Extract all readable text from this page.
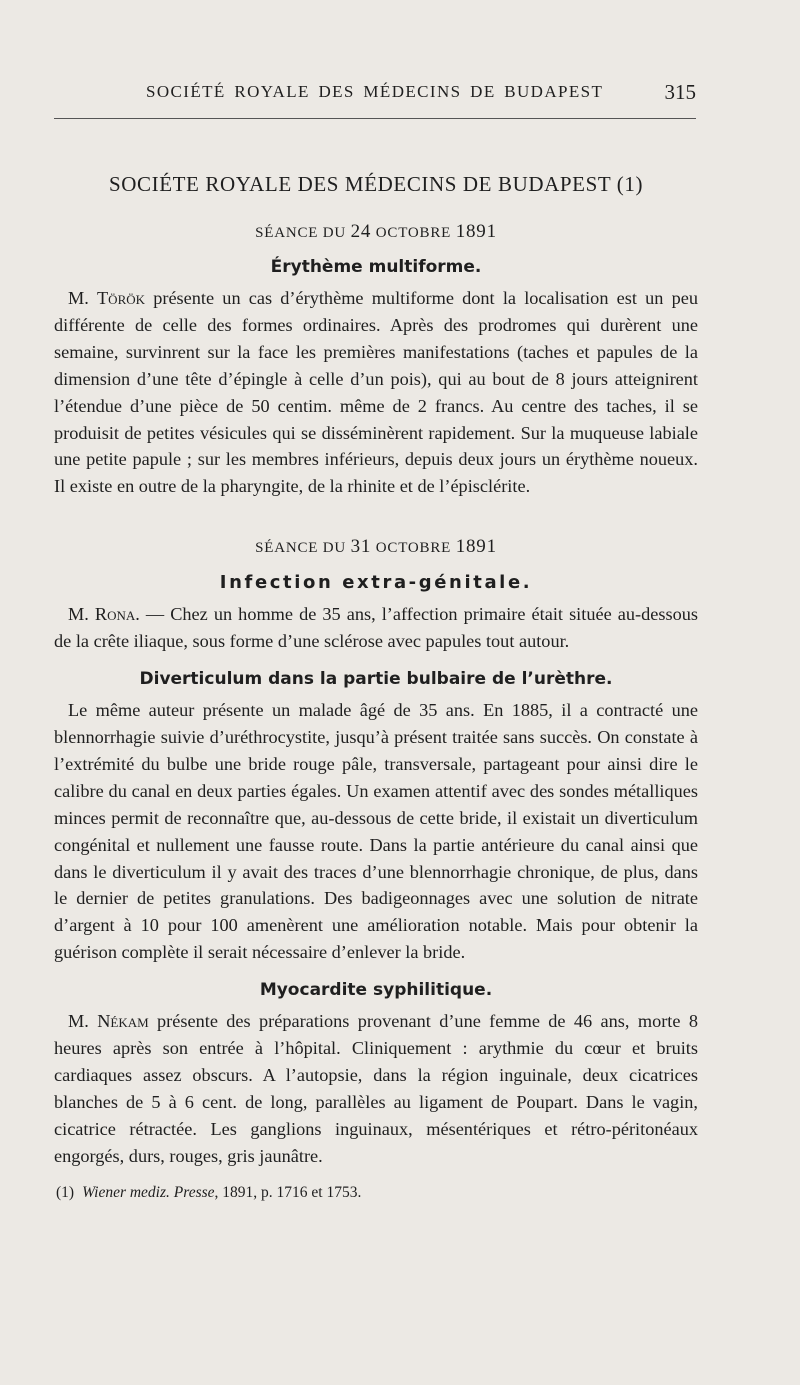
SOCIÉTÉ ROYALE DES MÉDECINS DE BUDAPEST	315
SOCIÉTE ROYALE DES MÉDECINS DE BUDAPEST (1)
SÉANCE DU 24 OCTOBRE 1891
Érythème multiforme.

M. Török présente un cas d’érythème multiforme dont la localisation est un peu différente de celle des formes ordinaires. Après des prodromes qui durèrent une semaine, survinrent sur la face les premières manifestations (taches et papules de la dimension d’une tête d’épingle à celle d’un pois), qui au bout de 8 jours atteignirent l’étendue d’une pièce de 50 centim. même de 2 francs. Au centre des taches, il se produisit de petites vésicules qui se disséminèrent rapidement. Sur la muqueuse labiale une petite papule ; sur les membres inférieurs, depuis deux jours un érythème noueux. Il existe en outre de la pharyngite, de la rhinite et de l’épisclérite.

SÉANCE DU 31 OCTOBRE 1891
Infection extra-génitale.

M. Rona. — Chez un homme de 35 ans, l’affection primaire était située au-dessous de la crête iliaque, sous forme d’une sclérose avec papules tout autour.

Diverticulum dans la partie bulbaire de l’urèthre.

Le même auteur présente un malade âgé de 35 ans. En 1885, il a contracté une blennorrhagie suivie d’uréthrocystite, jusqu’à présent traitée sans succès. On constate à l’extrémité du bulbe une bride rouge pâle, transversale, partageant pour ainsi dire le calibre du canal en deux parties égales. Un examen attentif avec des sondes métalliques minces permit de reconnaître que, au-dessous de cette bride, il existait un diverticulum congénital et nullement une fausse route. Dans la partie antérieure du canal ainsi que dans le diverticulum il y avait des traces d’une blennorrhagie chronique, de plus, dans le dernier de petites granulations. Des badigeonnages avec une solution de nitrate d’argent à 10 pour 100 amenèrent une amélioration notable. Mais pour obtenir la guérison complète il serait nécessaire d’enlever la bride.

Myocardite syphilitique.

M. Nékam présente des préparations provenant d’une femme de 46 ans, morte 8 heures après son entrée à l’hôpital. Cliniquement : arythmie du cœur et bruits cardiaques assez obscurs. A l’autopsie, dans la région inguinale, deux cicatrices blanches de 5 à 6 cent. de long, parallèles au ligament de Poupart. Dans le vagin, cicatrice rétractée. Les ganglions inguinaux, mésentériques et rétro-péritonéaux engorgés, durs, rouges, gris jaunâtre.

(1) Wiener mediz. Presse, 1891, p. 1716 et 1753.
